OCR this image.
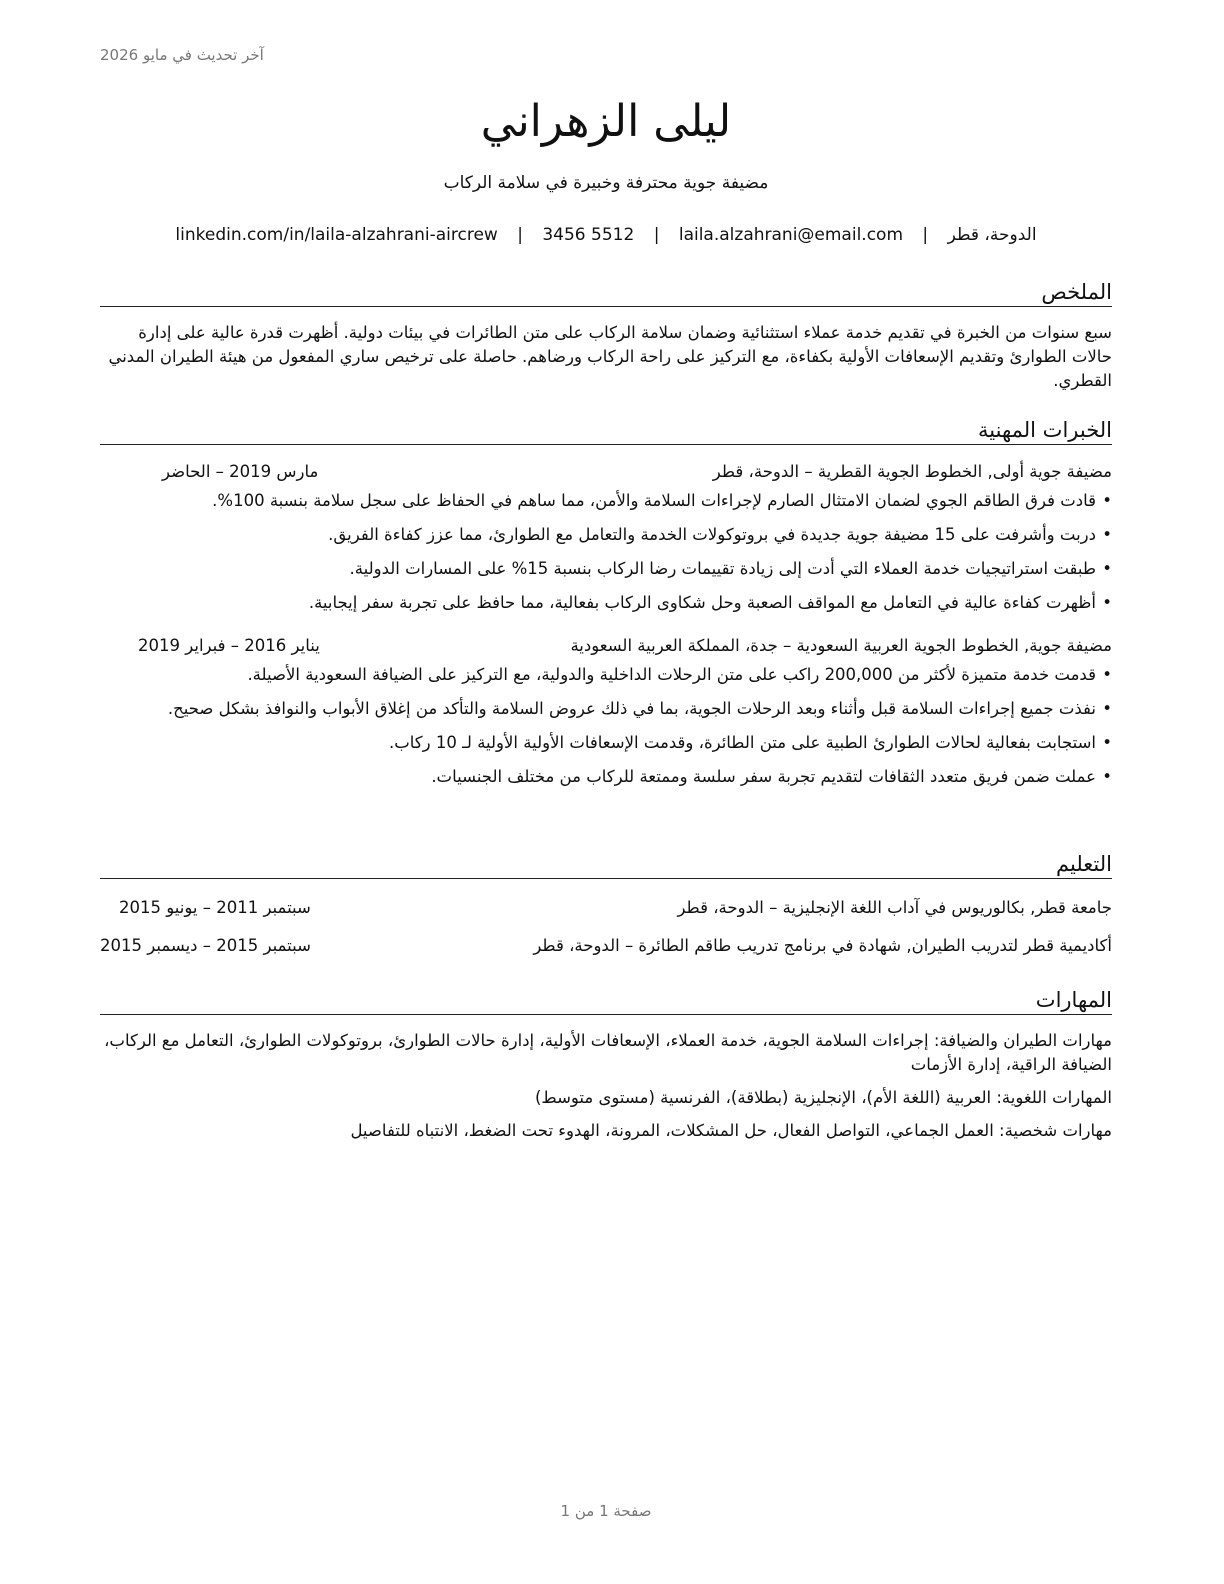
آخر تحديث في مايو 2026
ليلى الزهراني
مضيفة جوية محترفة وخبيرة في سلامة الركاب
الدوحة، قطر | laila.alzahrani@email.com | 3456 5512 | linkedin.com/in/laila-alzahrani-aircrew
الملخص
سبع سنوات من الخبرة في تقديم خدمة عملاء استثنائية وضمان سلامة الركاب على متن الطائرات في بيئات دولية. أظهرت قدرة عالية على إدارة حالات الطوارئ وتقديم الإسعافات الأولية بكفاءة، مع التركيز على راحة الركاب ورضاهم. حاصلة على ترخيص ساري المفعول من هيئة الطيران المدني القطري.
الخبرات المهنية
مضيفة جوية أولى, الخطوط الجوية القطرية – الدوحة، قطر
مارس 2019 – الحاضر
• قادت فرق الطاقم الجوي لضمان الامتثال الصارم لإجراءات السلامة والأمن، مما ساهم في الحفاظ على سجل سلامة بنسبة 100%.
• دربت وأشرفت على 15 مضيفة جوية جديدة في بروتوكولات الخدمة والتعامل مع الطوارئ، مما عزز كفاءة الفريق.
• طبقت استراتيجيات خدمة العملاء التي أدت إلى زيادة تقييمات رضا الركاب بنسبة 15% على المسارات الدولية.
• أظهرت كفاءة عالية في التعامل مع المواقف الصعبة وحل شكاوى الركاب بفعالية، مما حافظ على تجربة سفر إيجابية.
مضيفة جوية, الخطوط الجوية العربية السعودية – جدة، المملكة العربية السعودية
يناير 2016 – فبراير 2019
• قدمت خدمة متميزة لأكثر من 200,000 راكب على متن الرحلات الداخلية والدولية، مع التركيز على الضيافة السعودية الأصيلة.
• نفذت جميع إجراءات السلامة قبل وأثناء وبعد الرحلات الجوية، بما في ذلك عروض السلامة والتأكد من إغلاق الأبواب والنوافذ بشكل صحيح.
• استجابت بفعالية لحالات الطوارئ الطبية على متن الطائرة، وقدمت الإسعافات الأولية الأولية لـ 10 ركاب.
• عملت ضمن فريق متعدد الثقافات لتقديم تجربة سفر سلسة وممتعة للركاب من مختلف الجنسيات.
التعليم
جامعة قطر, بكالوريوس في آداب اللغة الإنجليزية – الدوحة، قطر
سبتمبر 2011 – يونيو 2015
أكاديمية قطر لتدريب الطيران, شهادة في برنامج تدريب طاقم الطائرة – الدوحة، قطر
سبتمبر 2015 – ديسمبر 2015
المهارات
مهارات الطيران والضيافة: إجراءات السلامة الجوية، خدمة العملاء، الإسعافات الأولية، إدارة حالات الطوارئ، بروتوكولات الطوارئ، التعامل مع الركاب، الضيافة الراقية، إدارة الأزمات
المهارات اللغوية: العربية (اللغة الأم)، الإنجليزية (بطلاقة)، الفرنسية (مستوى متوسط)
مهارات شخصية: العمل الجماعي، التواصل الفعال، حل المشكلات، المرونة، الهدوء تحت الضغط، الانتباه للتفاصيل
صفحة 1 من 1
